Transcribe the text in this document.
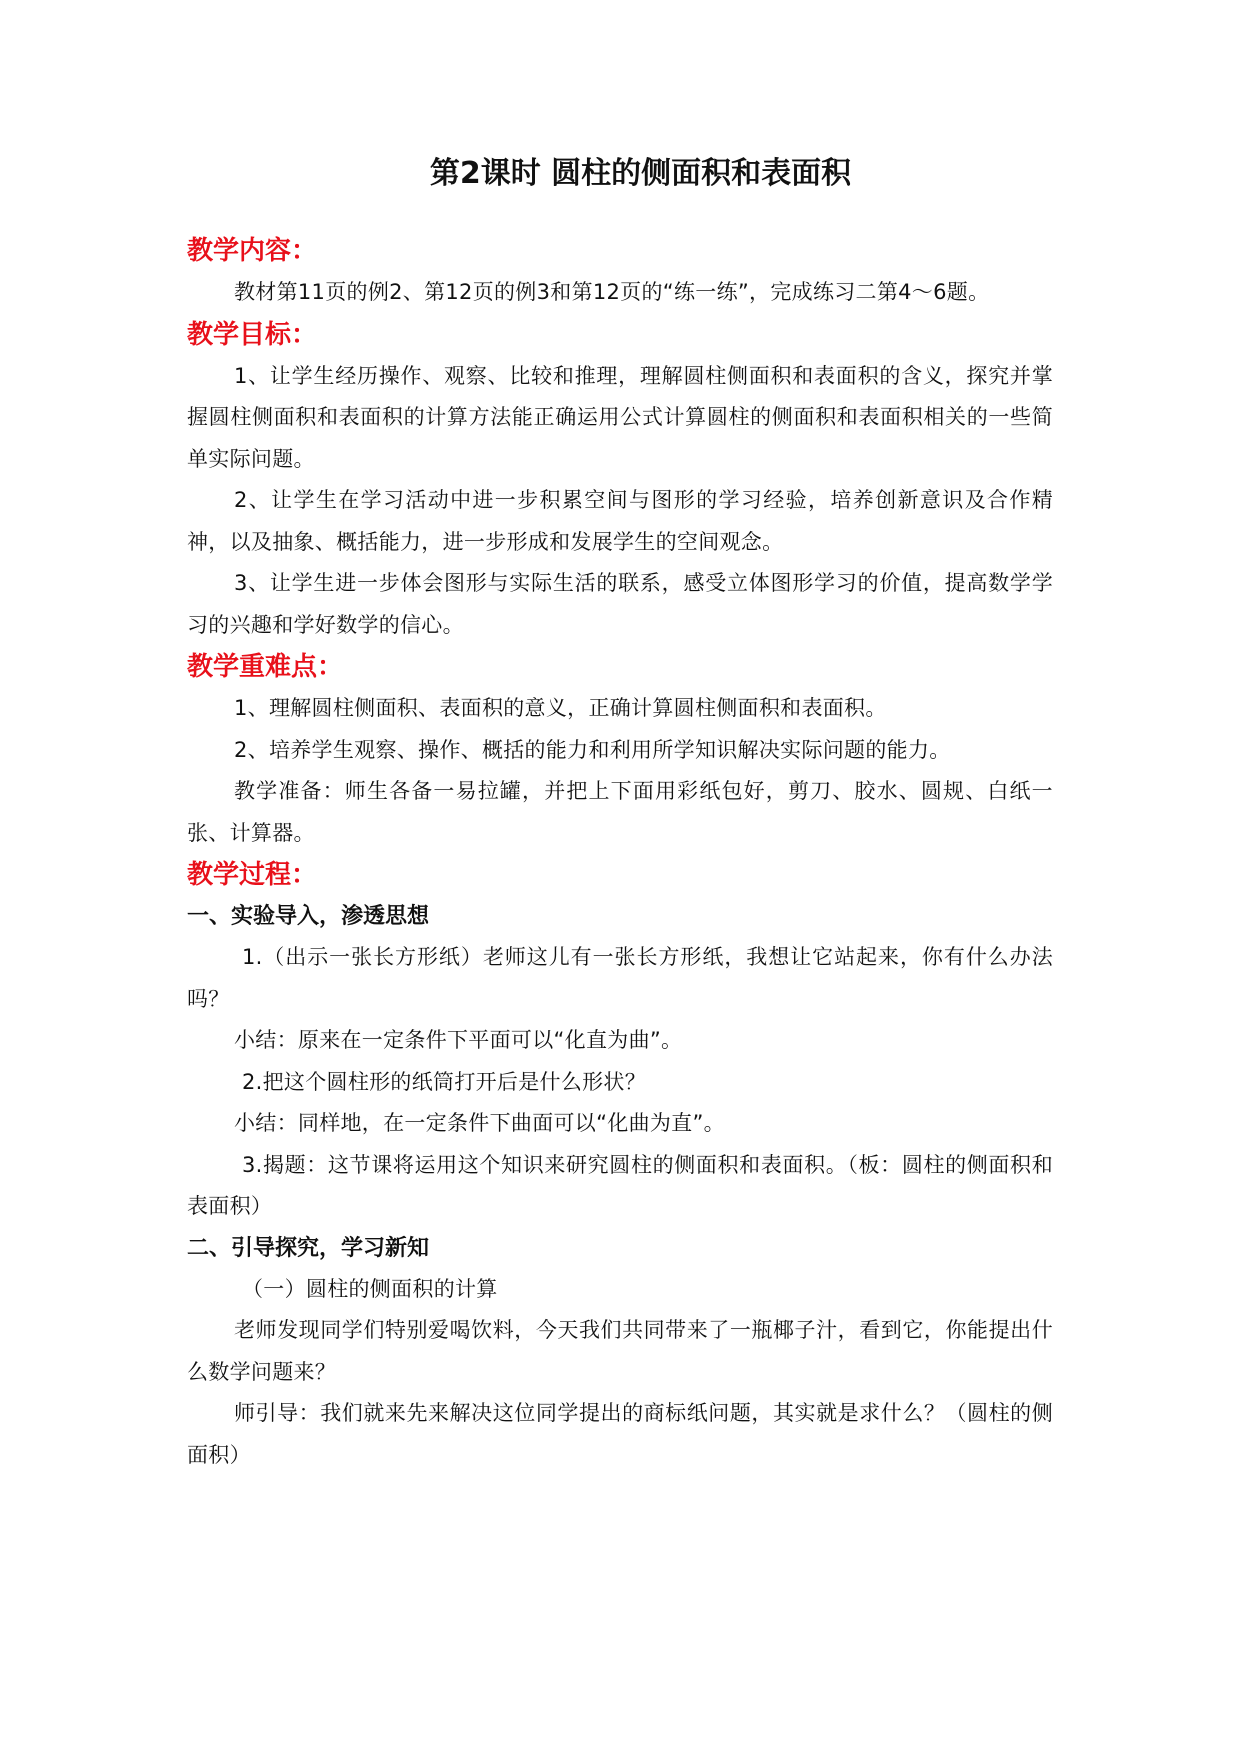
第2课时 圆柱的侧面积和表面积
教学内容：

教材第11页的例2、第12页的例3和第12页的“练一练”，完成练习二第4～6题。

教学目标：

1、让学生经历操作、观察、比较和推理，理解圆柱侧面积和表面积的含义，探究并掌握圆柱侧面积和表面积的计算方法能正确运用公式计算圆柱的侧面积和表面积相关的一些简单实际问题。

2、让学生在学习活动中进一步积累空间与图形的学习经验，培养创新意识及合作精神，以及抽象、概括能力，进一步形成和发展学生的空间观念。

3、让学生进一步体会图形与实际生活的联系，感受立体图形学习的价值，提高数学学习的兴趣和学好数学的信心。

教学重难点：

1、理解圆柱侧面积、表面积的意义，正确计算圆柱侧面积和表面积。

2、培养学生观察、操作、概括的能力和利用所学知识解决实际问题的能力。

教学准备：师生各备一易拉罐，并把上下面用彩纸包好，剪刀、胶水、圆规、白纸一张、计算器。

教学过程：
一、实验导入，渗透思想

1.（出示一张长方形纸）老师这儿有一张长方形纸，我想让它站起来，你有什么办法吗？

小结：原来在一定条件下平面可以“化直为曲”。

2.把这个圆柱形的纸筒打开后是什么形状？

小结：同样地，在一定条件下曲面可以“化曲为直”。

3.揭题：这节课将运用这个知识来研究圆柱的侧面积和表面积。（板：圆柱的侧面积和表面积）

二、引导探究，学习新知

（一）圆柱的侧面积的计算

老师发现同学们特别爱喝饮料，今天我们共同带来了一瓶椰子汁，看到它，你能提出什么数学问题来？

师引导：我们就来先来解决这位同学提出的商标纸问题，其实就是求什么？（圆柱的侧面积）
